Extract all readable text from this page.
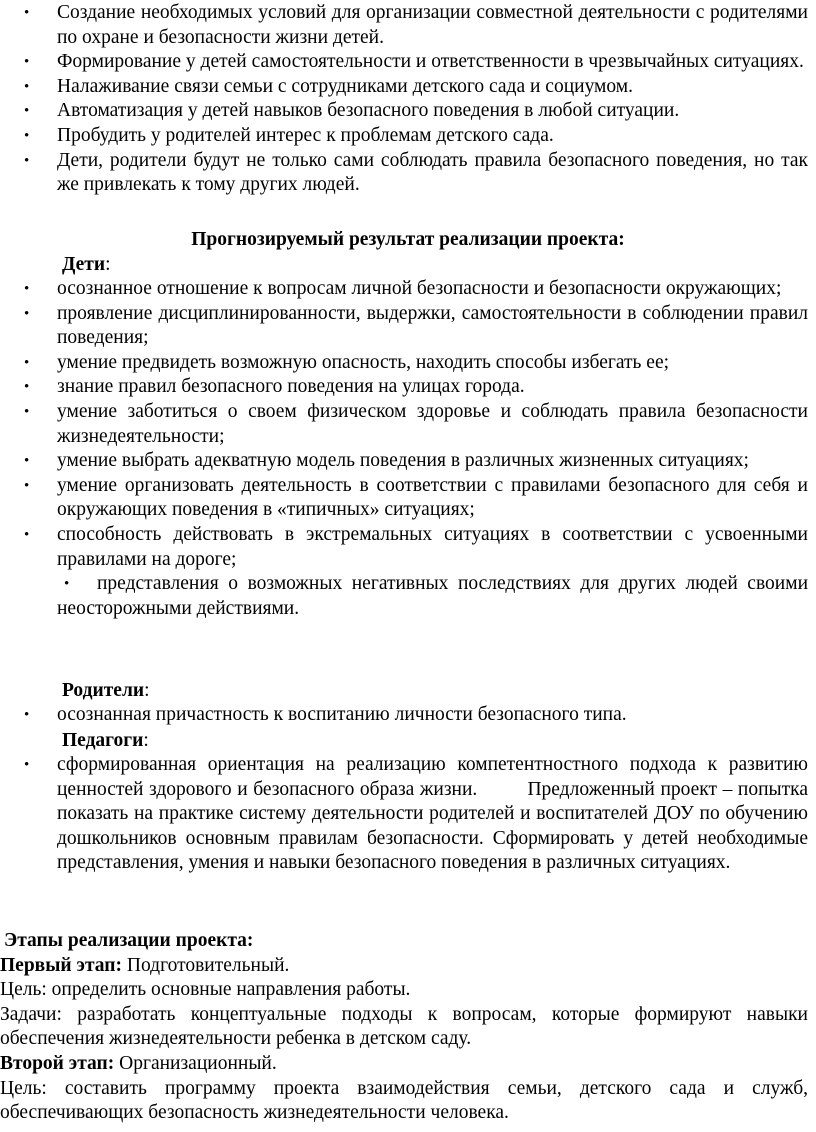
• Создание необходимых условий для организации совместной деятельности с родителями по охране и безопасности жизни детей.
• Формирование у детей самостоятельности и ответственности в чрезвычайных ситуациях.
• Налаживание связи семьи с сотрудниками детского сада и социумом.
• Автоматизация у детей навыков безопасного поведения в любой ситуации.
• Пробудить у родителей интерес к проблемам детского сада.
• Дети, родители будут не только сами соблюдать правила безопасного поведения, но так же привлекать к тому других людей.
Прогнозируемый результат реализации проекта:
Дети:
• осознанное отношение к вопросам личной безопасности и безопасности окружающих;
• проявление дисциплинированности, выдержки, самостоятельности в соблюдении правил поведения;
• умение предвидеть возможную опасность, находить способы избегать ее;
• знание правил безопасного поведения на улицах города.
• умение заботиться о своем физическом здоровье и соблюдать правила безопасности жизнедеятельности;
• умение выбрать адекватную модель поведения в различных жизненных ситуациях;
• умение организовать деятельность в соответствии с правилами безопасного для себя и окружающих поведения в «типичных» ситуациях;
• способность действовать в экстремальных ситуациях в соответствии с усвоенными правилами на дороге;
• представления о возможных негативных последствиях для других людей своими неосторожными действиями.
Родители:
• осознанная причастность к воспитанию личности безопасного типа.
Педагоги:
• сформированная ориентация на реализацию компетентностного подхода к развитию ценностей здорового и безопасного образа жизни.         Предложенный проект – попытка показать на практике систему деятельности родителей и воспитателей ДОУ по обучению дошкольников основным правилам безопасности. Сформировать у детей необходимые представления, умения и навыки безопасного поведения в различных ситуациях.

Этапы реализации проекта:

Первый этап: Подготовительный.

Цель: определить основные направления работы.

Задачи: разработать концептуальные подходы к вопросам, которые формируют навыки обеспечения жизнедеятельности ребенка в детском саду.

Второй этап: Организационный.

Цель: составить программу проекта взаимодействия семьи, детского сада и служб, обеспечивающих безопасность жизнедеятельности человека.
